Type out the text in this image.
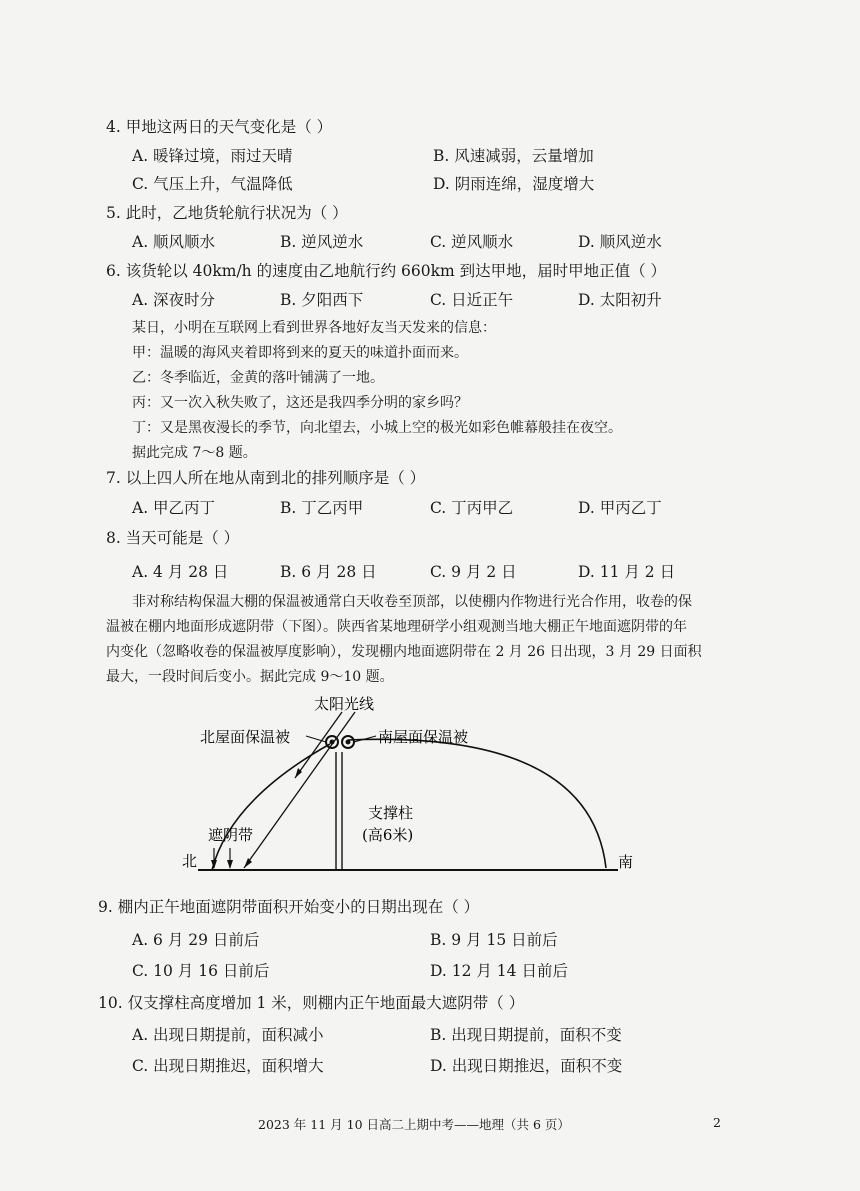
4. 甲地这两日的天气变化是（ ）
A. 暖锋过境，雨过天晴	B. 风速减弱，云量增加
C. 气压上升，气温降低	D. 阴雨连绵，湿度增大
5. 此时，乙地货轮航行状况为（ ）
A. 顺风顺水	B. 逆风逆水	C. 逆风顺水	D. 顺风逆水
6. 该货轮以 40km/h 的速度由乙地航行约 660km 到达甲地，届时甲地正值（ ）
A. 深夜时分	B. 夕阳西下	C. 日近正午	D. 太阳初升
某日，小明在互联网上看到世界各地好友当天发来的信息：
甲：温暖的海风夹着即将到来的夏天的味道扑面而来。
乙：冬季临近，金黄的落叶铺满了一地。
丙：又一次入秋失败了，这还是我四季分明的家乡吗？
丁：又是黑夜漫长的季节，向北望去，小城上空的极光如彩色帷幕般挂在夜空。
据此完成 7～8 题。
7. 以上四人所在地从南到北的排列顺序是（ ）
A. 甲乙丙丁	B. 丁乙丙甲	C. 丁丙甲乙	D. 甲丙乙丁
8. 当天可能是（ ）
A. 4 月 28 日	B. 6 月 28 日	C. 9 月 2 日	D. 11 月 2 日
非对称结构保温大棚的保温被通常白天收卷至顶部，以使棚内作物进行光合作用，收卷的保
温被在棚内地面形成遮阴带（下图）。陕西省某地理研学小组观测当地大棚正午地面遮阴带的年
内变化（忽略收卷的保温被厚度影响），发现棚内地面遮阴带在 2 月 26 日出现，3 月 29 日面积
最大，一段时间后变小。据此完成 9～10 题。
太阳光线
北屋面保温被	南屋面保温被
支撑柱
(高6米)
遮阴带
北	南
9. 棚内正午地面遮阴带面积开始变小的日期出现在（ ）
A. 6 月 29 日前后	B. 9 月 15 日前后
C. 10 月 16 日前后	D. 12 月 14 日前后
10. 仅支撑柱高度增加 1 米，则棚内正午地面最大遮阴带（ ）
A. 出现日期提前，面积减小	B. 出现日期提前，面积不变
C. 出现日期推迟，面积增大	D. 出现日期推迟，面积不变
2023 年 11 月 10 日高二上期中考——地理（共 6 页）	2
